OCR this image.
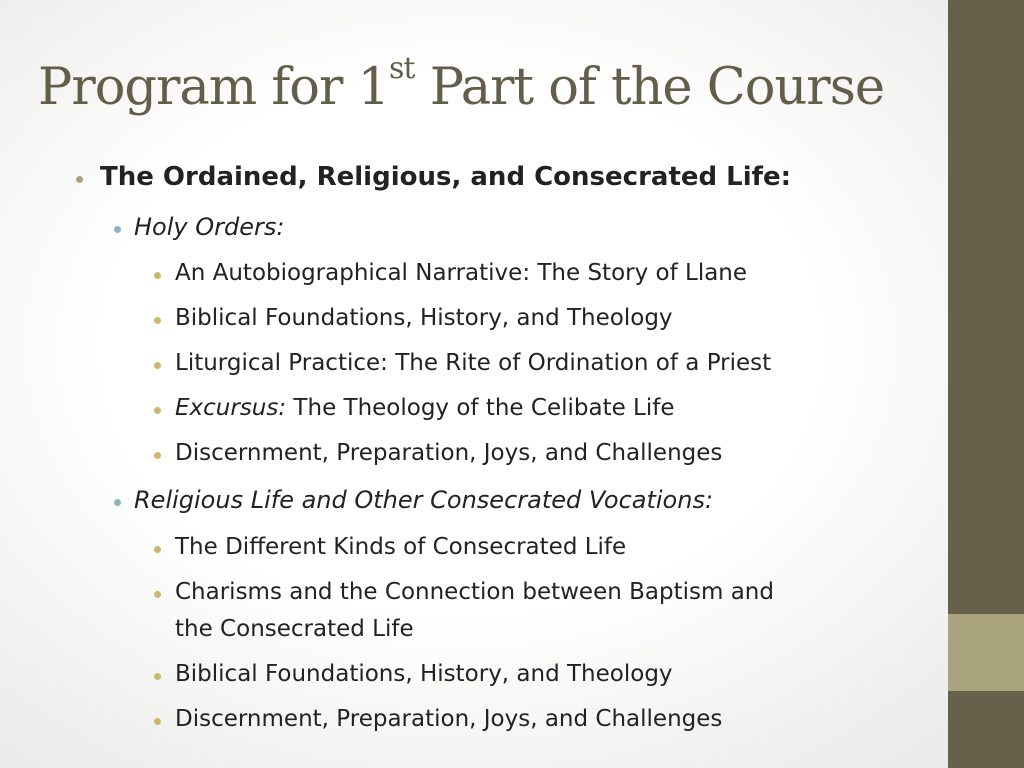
Program for 1st Part of the Course
The Ordained, Religious, and Consecrated Life:
Holy Orders:
An Autobiographical Narrative: The Story of Llane
Biblical Foundations, History, and Theology
Liturgical Practice: The Rite of Ordination of a Priest
Excursus: The Theology of the Celibate Life
Discernment, Preparation, Joys, and Challenges
Religious Life and Other Consecrated Vocations:
The Different Kinds of Consecrated Life
Charisms and the Connection between Baptism and
the Consecrated Life
Biblical Foundations, History, and Theology
Discernment, Preparation, Joys, and Challenges
